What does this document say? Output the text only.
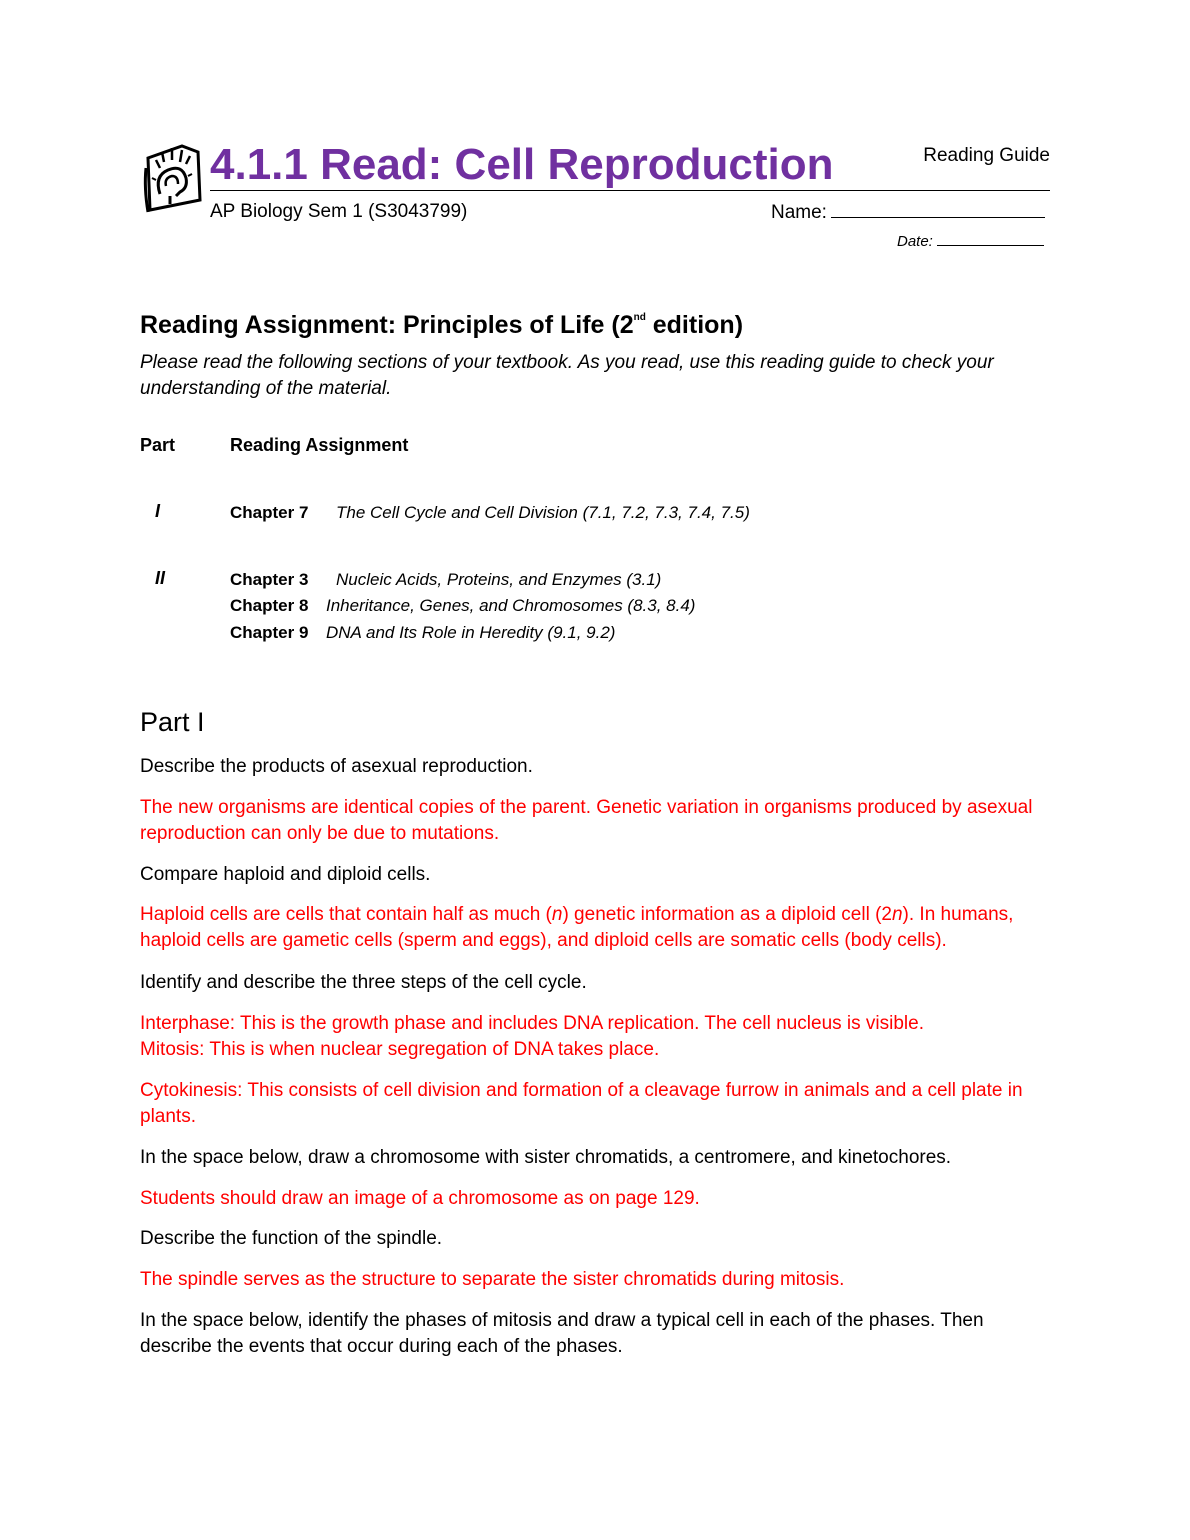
4.1.1 Read: Cell Reproduction	Reading Guide
AP Biology Sem 1 (S3043799)	Name:
Date:
Reading Assignment: Principles of Life (2nd edition)
Please read the following sections of your textbook. As you read, use this reading guide to check your understanding of the material.
Part	Reading Assignment
I	Chapter 7 The Cell Cycle and Cell Division (7.1, 7.2, 7.3, 7.4, 7.5)
II	Chapter 3 Nucleic Acids, Proteins, and Enzymes (3.1)
Chapter 8 Inheritance, Genes, and Chromosomes (8.3, 8.4)
Chapter 9 DNA and Its Role in Heredity (9.1, 9.2)
Part I
Describe the products of asexual reproduction.
The new organisms are identical copies of the parent. Genetic variation in organisms produced by asexual reproduction can only be due to mutations.
Compare haploid and diploid cells.
Haploid cells are cells that contain half as much (n) genetic information as a diploid cell (2n). In humans, haploid cells are gametic cells (sperm and eggs), and diploid cells are somatic cells (body cells).
Identify and describe the three steps of the cell cycle.
Interphase: This is the growth phase and includes DNA replication. The cell nucleus is visible.
Mitosis: This is when nuclear segregation of DNA takes place.
Cytokinesis: This consists of cell division and formation of a cleavage furrow in animals and a cell plate in plants.
In the space below, draw a chromosome with sister chromatids, a centromere, and kinetochores.
Students should draw an image of a chromosome as on page 129.
Describe the function of the spindle.
The spindle serves as the structure to separate the sister chromatids during mitosis.
In the space below, identify the phases of mitosis and draw a typical cell in each of the phases. Then describe the events that occur during each of the phases.
